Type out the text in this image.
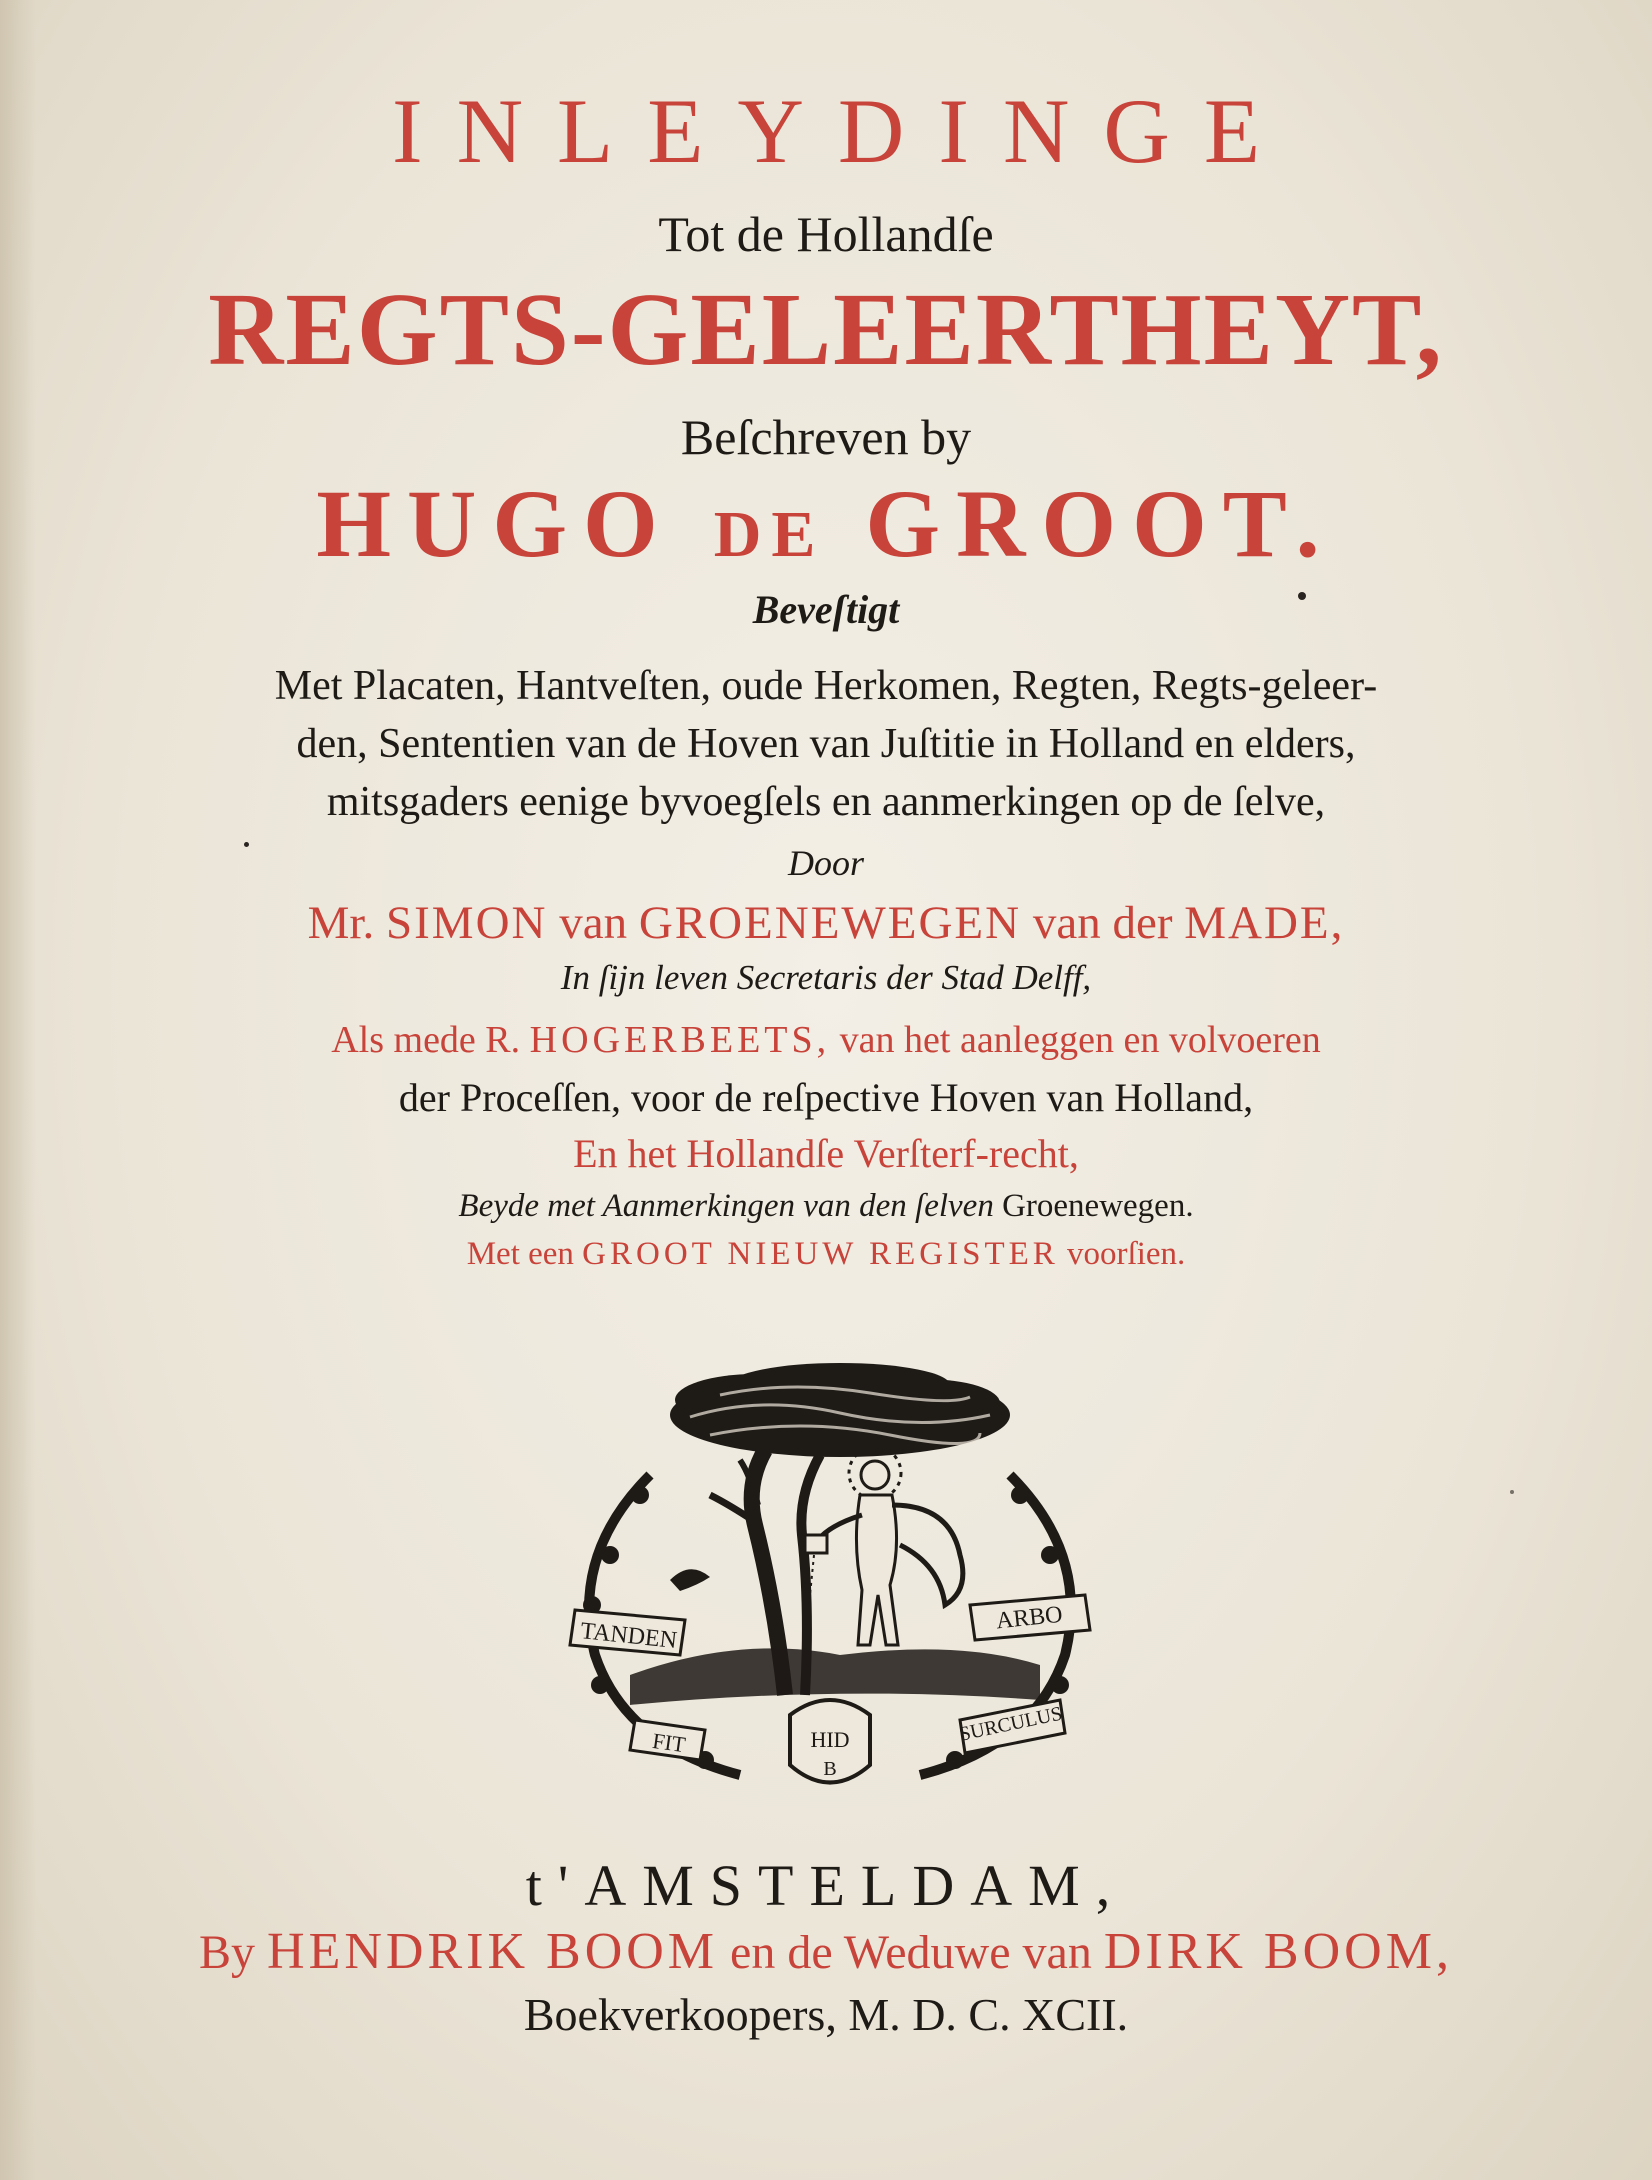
INLEYDINGE
Tot de Hollandſe
REGTS-GELEERTHEYT,
Beſchreven by
HUGO DE GROOT.
Beveſtigt
Met Placaten, Hantveſten, oude Herkomen, Regten, Regts-geleer-
den, Sententien van de Hoven van Juſtitie in Holland en elders,
mitsgaders eenige byvoegſels en aanmerkingen op de ſelve,
Door
Mr. SIMON van GROENEWEGEN van der MADE,
In ſijn leven Secretaris der Stad Delff,
Als mede R. HOGERBEETS, van het aanleggen en volvoeren
der Proceſſen, voor de reſpective Hoven van Holland,
En het Hollandſe Verſterf-recht,
Beyde met Aanmerkingen van den ſelven Groenewegen.
Met een GROOT NIEUW REGISTER voorſien.
TANDEN
ARBO
FIT	SURCULUS
HID
B
t'AMSTELDAM,
By HENDRIK BOOM en de Weduwe van DIRK BOOM,
Boekverkoopers, M. D. C. XCII.
